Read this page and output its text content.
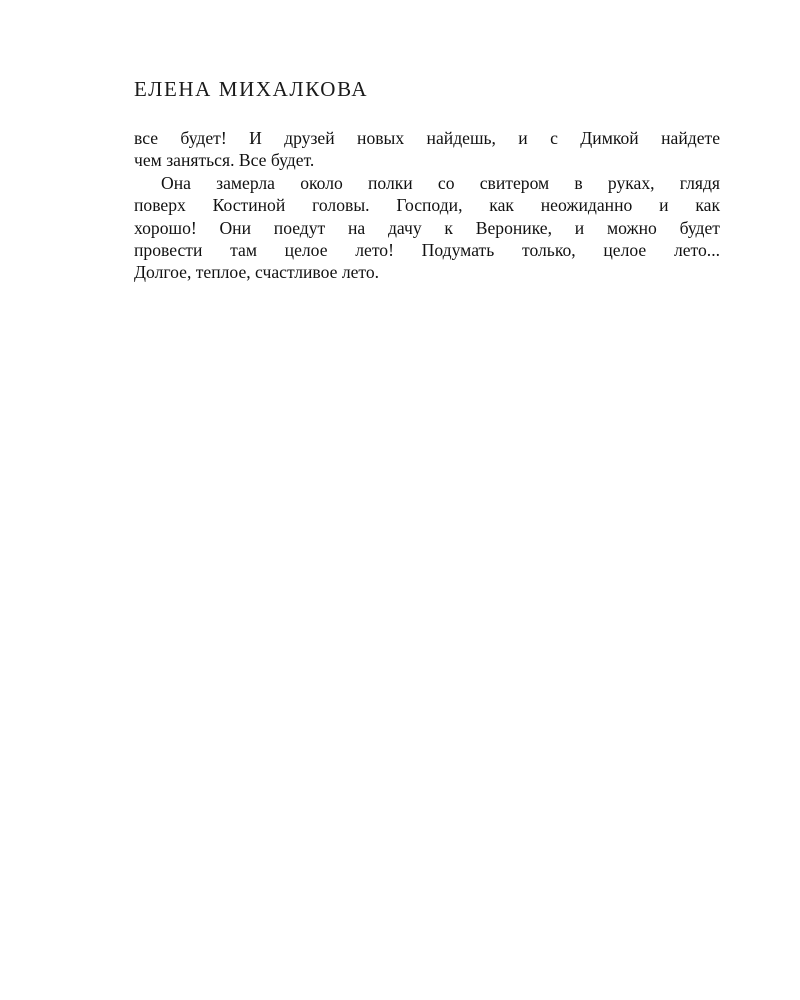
ЕЛЕНА МИХАЛКОВА
все будет! И друзей новых найдешь, и с Димкой найдете
чем заняться. Все будет.
Она замерла около полки со свитером в руках, глядя
поверх Костиной головы. Господи, как неожиданно и как
хорошо! Они поедут на дачу к Веронике, и можно будет
провести там целое лето! Подумать только, целое лето...
Долгое, теплое, счастливое лето.
